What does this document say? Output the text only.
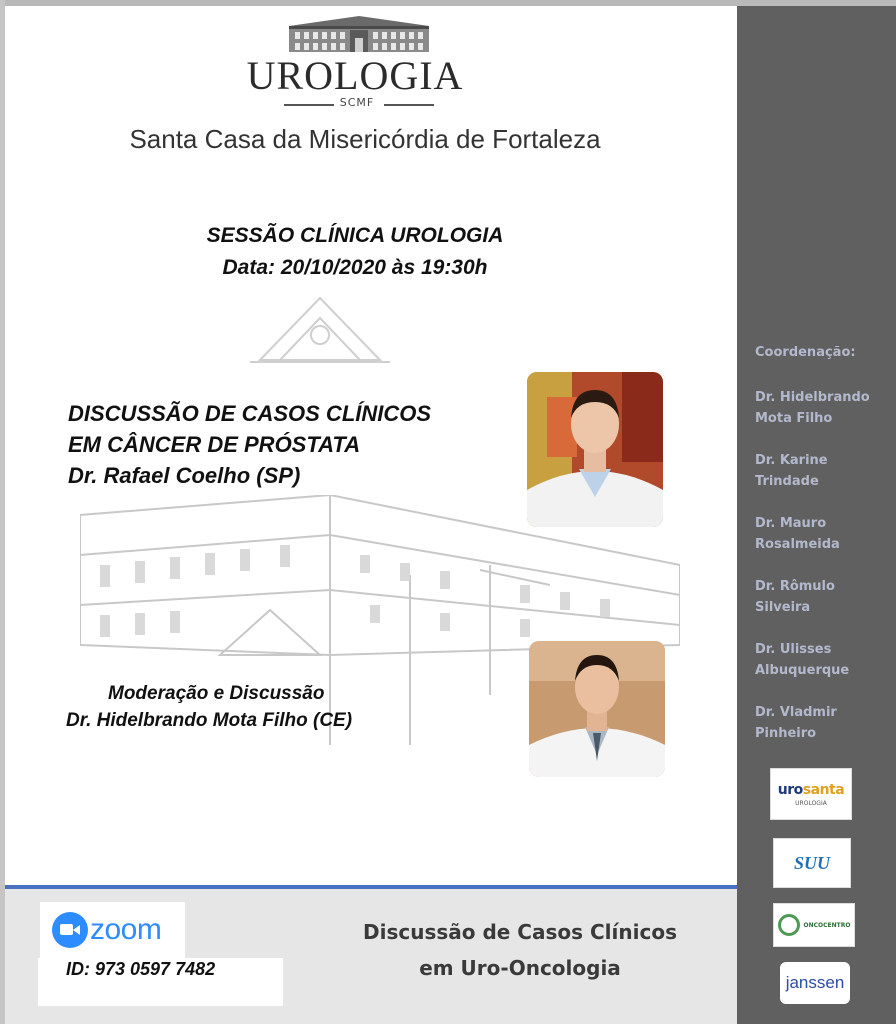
UROLOGIA
SCMF
Santa Casa da Misericórdia de Fortaleza
SESSÃO CLÍNICA UROLOGIA
Data: 20/10/2020 às 19:30h
DISCUSSÃO DE CASOS CLÍNICOS
EM CÂNCER DE PRÓSTATA
Dr. Rafael Coelho (SP)
Moderação e Discussão
Dr. Hidelbrando Mota Filho (CE)
Coordenação:
Dr. Hidelbrando
Mota Filho
Dr. Karine
Trindade
Dr. Mauro
Rosalmeida
Dr. Rômulo
Silveira
Dr. Ulisses
Albuquerque
Dr. Vladmir
Pinheiro
urosanta
UROLOGIA
SUU
ONCOCENTRO
janssen
zoom
ID: 973 0597 7482
Discussão de Casos Clínicos
em Uro-Oncologia
